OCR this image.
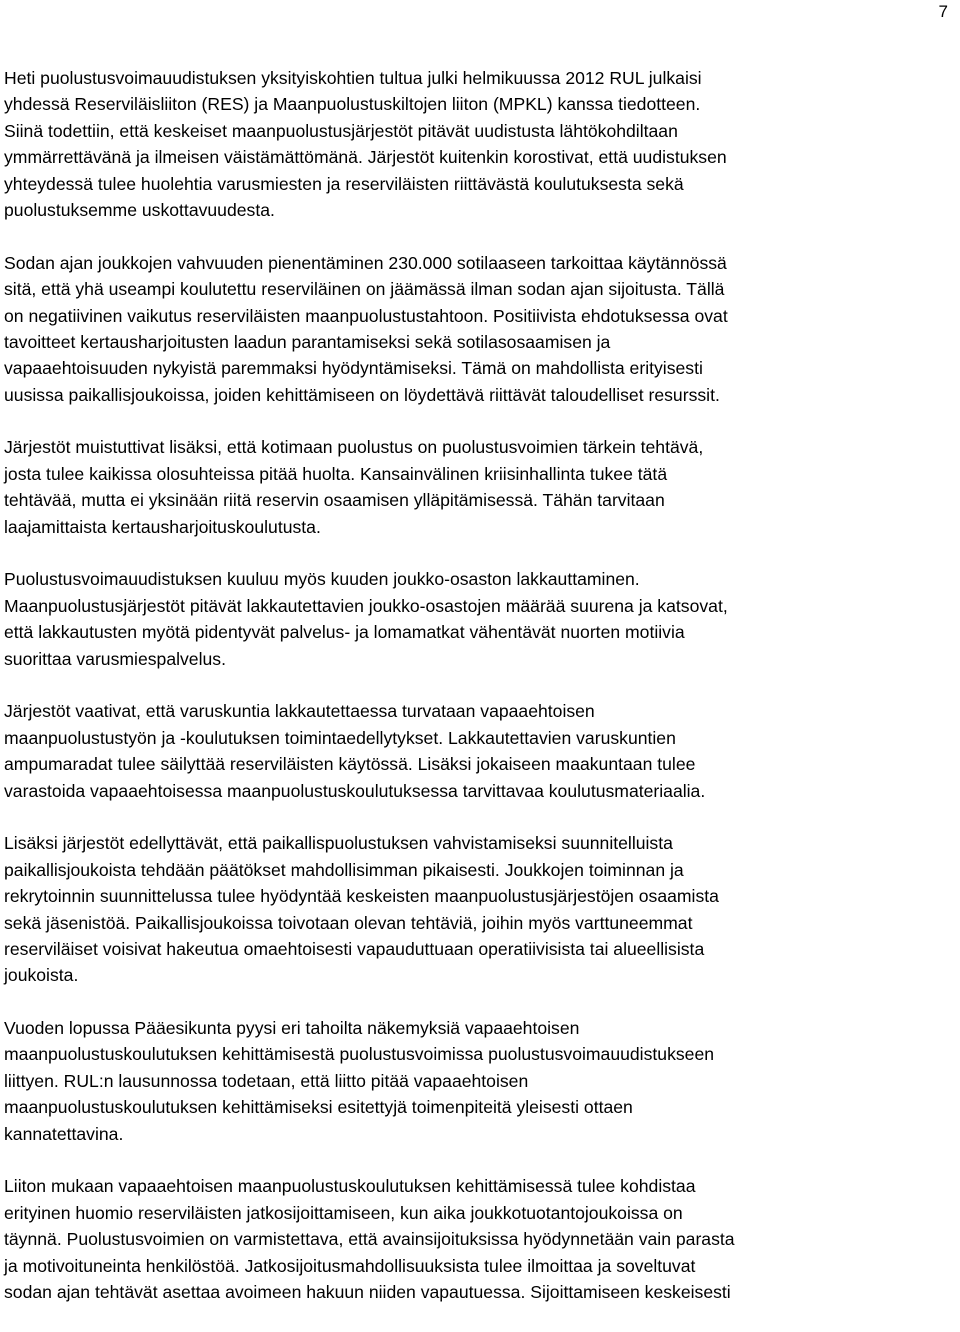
7
Heti puolustusvoimauudistuksen yksityiskohtien tultua julki helmikuussa 2012 RUL julkaisi
yhdessä Reserviläisliiton (RES) ja Maanpuolustuskiltojen liiton (MPKL) kanssa tiedotteen.
Siinä todettiin, että keskeiset maanpuolustusjärjestöt pitävät uudistusta lähtökohdiltaan
ymmärrettävänä ja ilmeisen väistämättömänä. Järjestöt kuitenkin korostivat, että uudistuksen
yhteydessä tulee huolehtia varusmiesten ja reserviläisten riittävästä koulutuksesta sekä
puolustuksemme uskottavuudesta.
Sodan ajan joukkojen vahvuuden pienentäminen 230.000 sotilaaseen tarkoittaa käytännössä
sitä, että yhä useampi koulutettu reserviläinen on jäämässä ilman sodan ajan sijoitusta. Tällä
on negatiivinen vaikutus reserviläisten maanpuolustustahtoon. Positiivista ehdotuksessa ovat
tavoitteet kertausharjoitusten laadun parantamiseksi sekä sotilasosaamisen ja
vapaaehtoisuuden nykyistä paremmaksi hyödyntämiseksi. Tämä on mahdollista erityisesti
uusissa paikallisjoukoissa, joiden kehittämiseen on löydettävä riittävät taloudelliset resurssit.
Järjestöt muistuttivat lisäksi, että kotimaan puolustus on puolustusvoimien tärkein tehtävä,
josta tulee kaikissa olosuhteissa pitää huolta. Kansainvälinen kriisinhallinta tukee tätä
tehtävää, mutta ei yksinään riitä reservin osaamisen ylläpitämisessä. Tähän tarvitaan
laajamittaista kertausharjoituskoulutusta.
Puolustusvoimauudistuksen kuuluu myös kuuden joukko-osaston lakkauttaminen.
Maanpuolustusjärjestöt pitävät lakkautettavien joukko-osastojen määrää suurena ja katsovat,
että lakkautusten myötä pidentyvät palvelus- ja lomamatkat vähentävät nuorten motiivia
suorittaa varusmiespalvelus.
Järjestöt vaativat, että varuskuntia lakkautettaessa turvataan vapaaehtoisen
maanpuolustustyön ja -koulutuksen toimintaedellytykset. Lakkautettavien varuskuntien
ampumaradat tulee säilyttää reserviläisten käytössä. Lisäksi jokaiseen maakuntaan tulee
varastoida vapaaehtoisessa maanpuolustuskoulutuksessa tarvittavaa koulutusmateriaalia.
Lisäksi järjestöt edellyttävät, että paikallispuolustuksen vahvistamiseksi suunnitelluista
paikallisjoukoista tehdään päätökset mahdollisimman pikaisesti. Joukkojen toiminnan ja
rekrytoinnin suunnittelussa tulee hyödyntää keskeisten maanpuolustusjärjestöjen osaamista
sekä jäsenistöä. Paikallisjoukoissa toivotaan olevan tehtäviä, joihin myös varttuneemmat
reserviläiset voisivat hakeutua omaehtoisesti vapauduttuaan operatiivisista tai alueellisista
joukoista.
Vuoden lopussa Pääesikunta pyysi eri tahoilta näkemyksiä vapaaehtoisen
maanpuolustuskoulutuksen kehittämisestä puolustusvoimissa puolustusvoimauudistukseen
liittyen. RUL:n lausunnossa todetaan, että liitto pitää vapaaehtoisen
maanpuolustuskoulutuksen kehittämiseksi esitettyjä toimenpiteitä yleisesti ottaen
kannatettavina.
Liiton mukaan vapaaehtoisen maanpuolustuskoulutuksen kehittämisessä tulee kohdistaa
erityinen huomio reserviläisten jatkosijoittamiseen, kun aika joukkotuotantojoukoissa on
täynnä. Puolustusvoimien on varmistettava, että avainsijoituksissa hyödynnetään vain parasta
ja motivoituneinta henkilöstöä. Jatkosijoitusmahdollisuuksista tulee ilmoittaa ja soveltuvat
sodan ajan tehtävät asettaa avoimeen hakuun niiden vapautuessa. Sijoittamiseen keskeisesti
